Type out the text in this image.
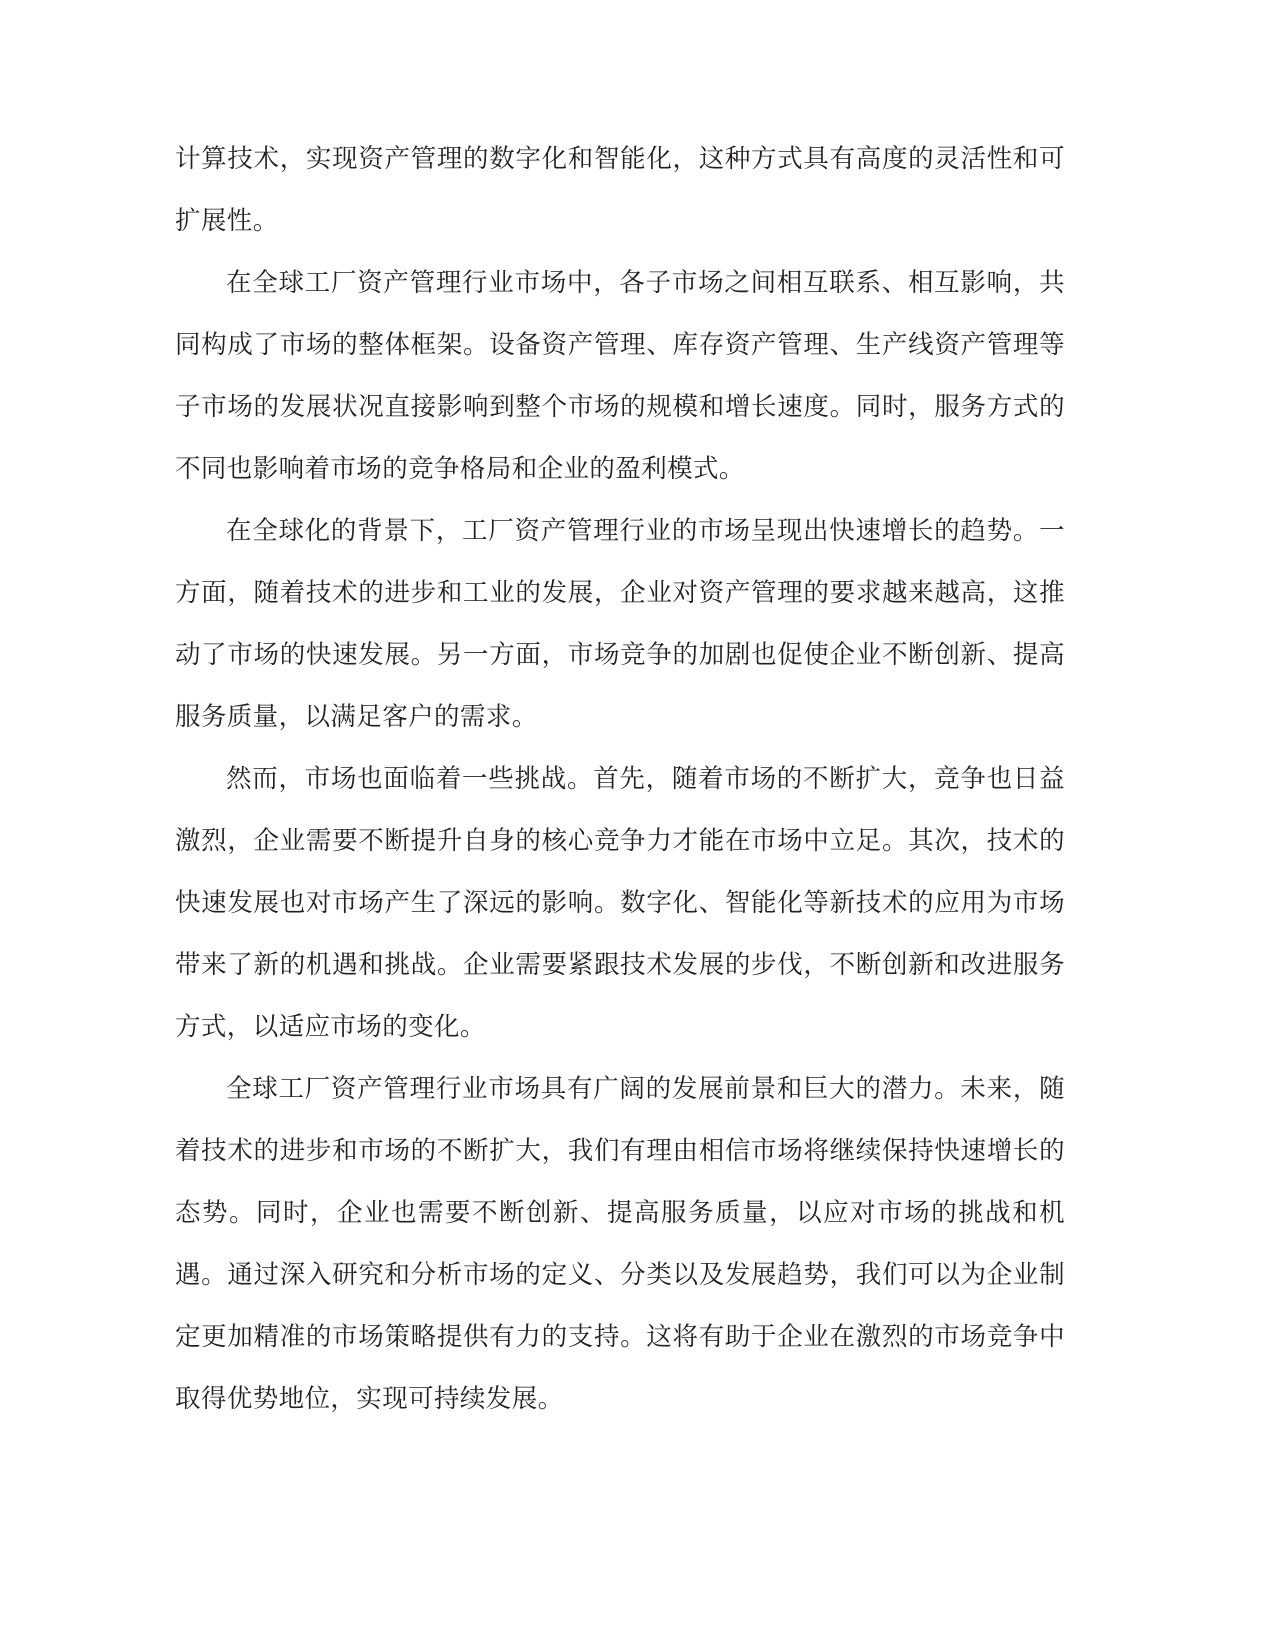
计算技术，实现资产管理的数字化和智能化，这种方式具有高度的灵活性和可扩展性。

在全球工厂资产管理行业市场中，各子市场之间相互联系、相互影响，共同构成了市场的整体框架。设备资产管理、库存资产管理、生产线资产管理等子市场的发展状况直接影响到整个市场的规模和增长速度。同时，服务方式的不同也影响着市场的竞争格局和企业的盈利模式。

在全球化的背景下，工厂资产管理行业的市场呈现出快速增长的趋势。一方面，随着技术的进步和工业的发展，企业对资产管理的要求越来越高，这推动了市场的快速发展。另一方面，市场竞争的加剧也促使企业不断创新、提高服务质量，以满足客户的需求。

然而，市场也面临着一些挑战。首先，随着市场的不断扩大，竞争也日益激烈，企业需要不断提升自身的核心竞争力才能在市场中立足。其次，技术的快速发展也对市场产生了深远的影响。数字化、智能化等新技术的应用为市场带来了新的机遇和挑战。企业需要紧跟技术发展的步伐，不断创新和改进服务方式，以适应市场的变化。

全球工厂资产管理行业市场具有广阔的发展前景和巨大的潜力。未来，随着技术的进步和市场的不断扩大，我们有理由相信市场将继续保持快速增长的态势。同时，企业也需要不断创新、提高服务质量，以应对市场的挑战和机遇。通过深入研究和分析市场的定义、分类以及发展趋势，我们可以为企业制定更加精准的市场策略提供有力的支持。这将有助于企业在激烈的市场竞争中取得优势地位，实现可持续发展。
